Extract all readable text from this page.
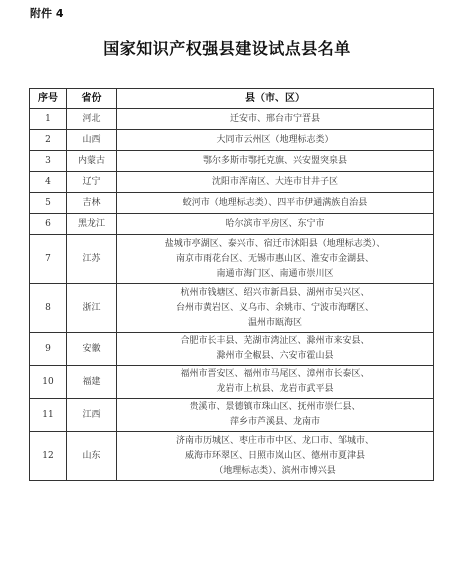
附件 4
国家知识产权强县建设试点县名单
序号	省份	县（市、区）
1	河北	迁安市、邢台市宁晋县

2	山西	大同市云州区（地理标志类）

3	内蒙古	鄂尔多斯市鄂托克旗、兴安盟突泉县

4	辽宁	沈阳市浑南区、大连市甘井子区

5	吉林	蛟河市（地理标志类）、四平市伊通满族自治县

6	黑龙江	哈尔滨市平房区、东宁市

7	江苏	盐城市亭湖区、泰兴市、宿迁市沭阳县（地理标志类）、
南京市雨花台区、无锡市惠山区、淮安市金湖县、
南通市海门区、南通市崇川区

8	浙江	杭州市钱塘区、绍兴市新昌县、湖州市吴兴区、
台州市黄岩区、义乌市、余姚市、宁波市海曙区、
温州市瓯海区

9	安徽	合肥市长丰县、芜湖市湾沚区、滁州市来安县、
滁州市全椒县、六安市霍山县

10	福建	福州市晋安区、福州市马尾区、漳州市长泰区、
龙岩市上杭县、龙岩市武平县

11	江西	贵溪市、景德镇市珠山区、抚州市崇仁县、
萍乡市芦溪县、龙南市

12	山东	济南市历城区、枣庄市市中区、龙口市、邹城市、
威海市环翠区、日照市岚山区、德州市夏津县
（地理标志类）、滨州市博兴县
